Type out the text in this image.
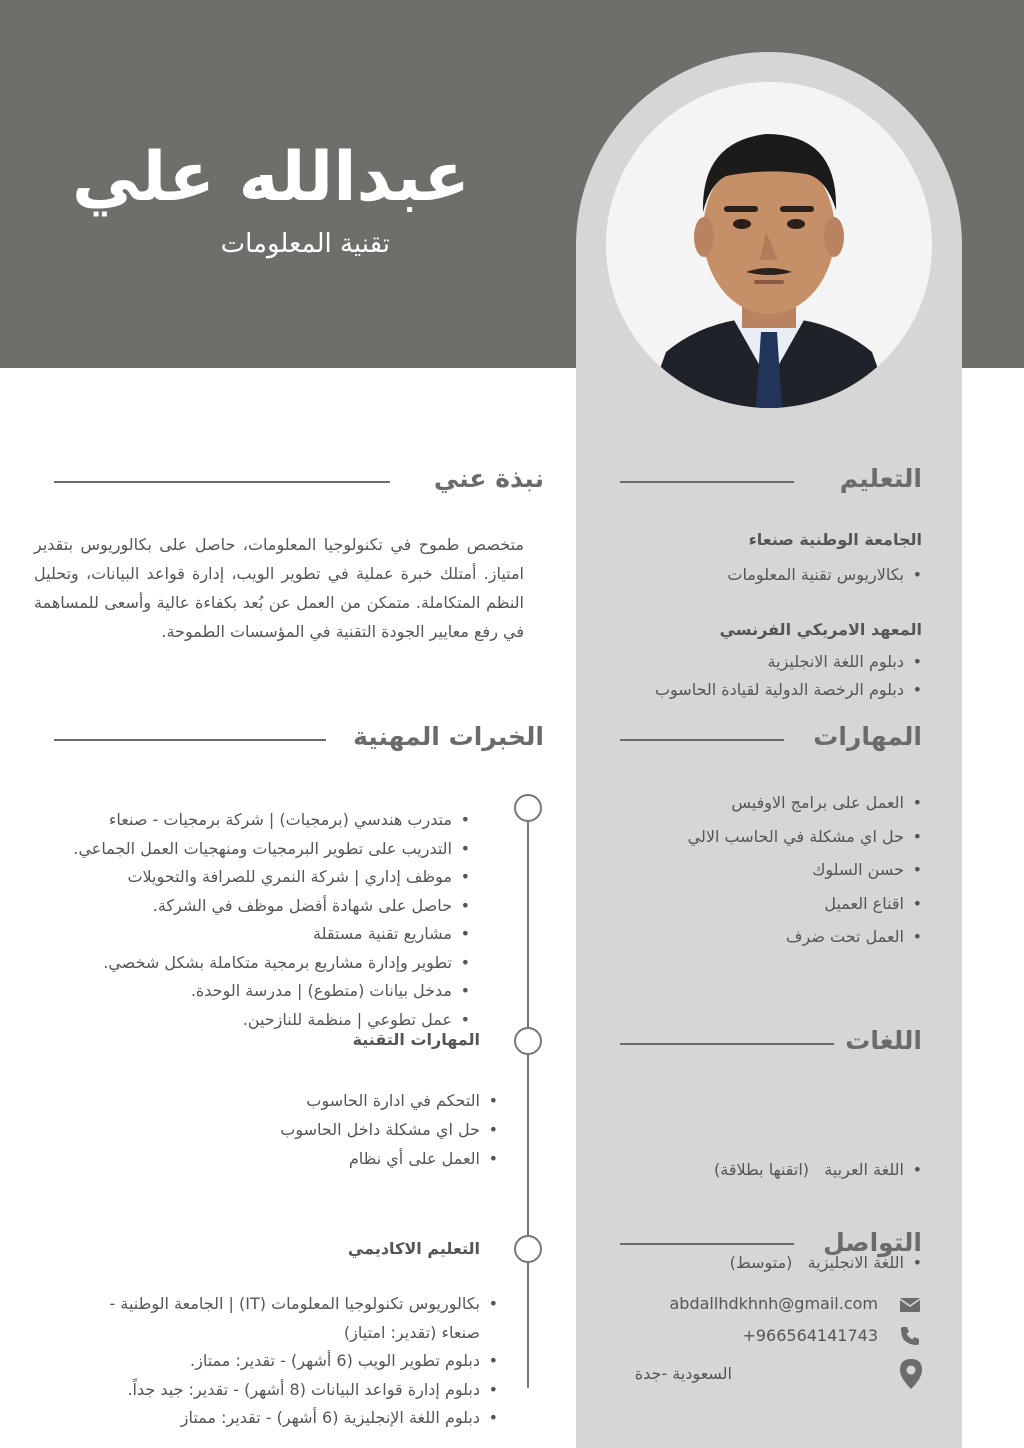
عبدالله علي
تقنية المعلومات
نبذة عني
متخصص طموح في تكنولوجيا المعلومات، حاصل على بكالوريوس بتقدير امتياز. أمتلك خبرة عملية في تطوير الويب، إدارة قواعد البيانات، وتحليل النظم المتكاملة. متمكن من العمل عن بُعد بكفاءة عالية وأسعى للمساهمة في رفع معايير الجودة التقنية في المؤسسات الطموحة.
الخبرات المهنية
• متدرب هندسي (برمجيات) | شركة برمجيات - صنعاء
• التدريب على تطوير البرمجيات ومنهجيات العمل الجماعي.
• موظف إداري | شركة النمري للصرافة والتحويلات
• حاصل على شهادة أفضل موظف في الشركة.
• مشاريع تقنية مستقلة
• تطوير وإدارة مشاريع برمجية متكاملة بشكل شخصي.
• مدخل بيانات (متطوع) | مدرسة الوحدة.
• عمل تطوعي | منظمة للنازحين.
المهارات التقنية
• التحكم في ادارة الحاسوب
• حل اي مشكلة داخل الحاسوب
• العمل على أي نظام
التعليم الاكاديمي
• بكالوريوس تكنولوجيا المعلومات (IT) | الجامعة الوطنية - صنعاء (تقدير: امتياز)
• دبلوم تطوير الويب (6 أشهر) - تقدير: ممتاز.
• دبلوم إدارة قواعد البيانات (8 أشهر) - تقدير: جيد جداً.
• دبلوم اللغة الإنجليزية (6 أشهر) - تقدير: ممتاز
التعليم
الجامعة الوطنية صنعاء
• بكالاريوس تقنية المعلومات
المعهد الامريكي الفرنسي
• دبلوم اللغة الانجليزية
• دبلوم الرخصة الدولية لقيادة الحاسوب
المهارات
• العمل على برامج الاوفيس
• حل اي مشكلة في الحاسب الالي
• حسن السلوك
• اقناع العميل
• العمل تحت ضرف
اللغات

• اللغة العربية   (اتقنها بطلاقة)

• اللغة الانجليزية   (متوسط)

التواصل
abdallhdkhnh@gmail.com
+966564141743
السعودية -جدة
